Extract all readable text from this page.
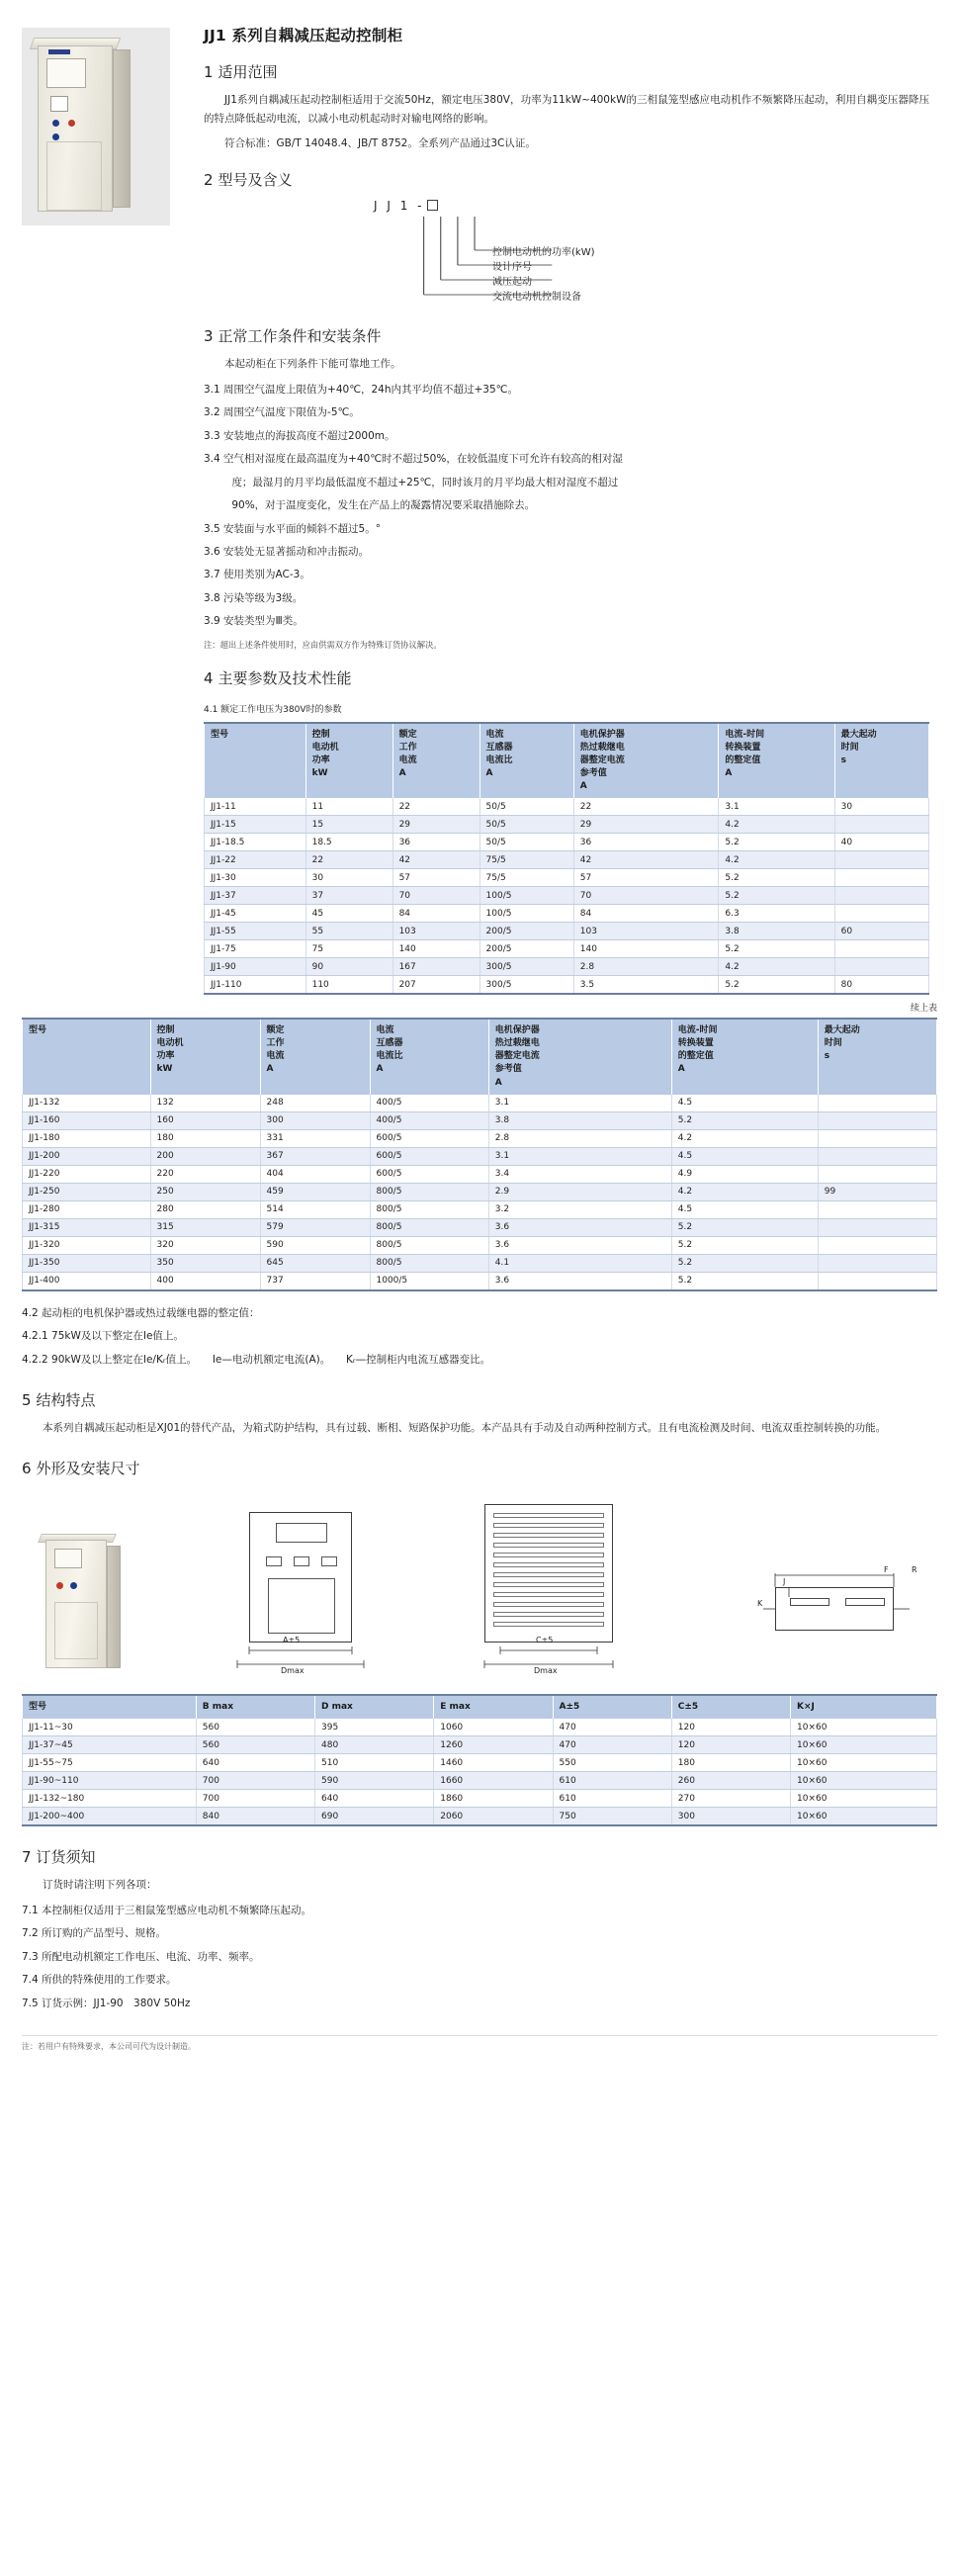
JJ1 系列自耦减压起动控制柜
1 适用范围

JJ1系列自耦减压起动控制柜适用于交流50Hz，额定电压380V，功率为11kW~400kW的三相鼠笼型感应电动机作不频繁降压起动，利用自耦变压器降压的特点降低起动电流，以减小电动机起动时对输电网络的影响。

符合标准：GB/T 14048.4、JB/T 8752。全系列产品通过3C认证。

2 型号及含义
J J 1 -
控制电动机的功率(kW)
设计序号
减压起动
交流电动机控制设备
3 正常工作条件和安装条件

本起动柜在下列条件下能可靠地工作。

3.1 周围空气温度上限值为+40℃，24h内其平均值不超过+35℃。

3.2 周围空气温度下限值为-5℃。

3.3 安装地点的海拔高度不超过2000m。

3.4 空气相对湿度在最高温度为+40℃时不超过50%，在较低温度下可允许有较高的相对湿

度；最湿月的月平均最低温度不超过+25℃，同时该月的月平均最大相对湿度不超过

90%，对于温度变化，发生在产品上的凝露情况要采取措施除去。

3.5 安装面与水平面的倾斜不超过5。°

3.6 安装处无显著摇动和冲击振动。

3.7 使用类别为AC-3。

3.8 污染等级为3级。

3.9 安装类型为Ⅲ类。

注：超出上述条件使用时，应由供需双方作为特殊订货协议解决。

4 主要参数及技术性能
4.1 额定工作电压为380V时的参数
型号	控制
电动机
功率
kW

额定
工作
电流
A

电流
互感器
电流比
A

电机保护器
热过载继电
器整定电流
参考值
A

电流-时间
转换装置
的整定值
A

最大起动
时间
s

JJ1-11	11	22	50/5	22	3.1	30
JJ1-15	15	29	50/5	29	4.2	
JJ1-18.5	18.5	36	50/5	36	5.2	40
JJ1-22	22	42	75/5	42	4.2	
JJ1-30	30	57	75/5	57	5.2	
JJ1-37	37	70	100/5	70	5.2	
JJ1-45	45	84	100/5	84	6.3	
JJ1-55	55	103	200/5	103	3.8	60
JJ1-75	75	140	200/5	140	5.2	
JJ1-90	90	167	300/5	2.8	4.2	
JJ1-110	110	207	300/5	3.5	5.2	80
续上表
型号	控制
电动机
功率
kW

额定
工作
电流
A

电流
互感器
电流比
A

电机保护器
热过载继电
器整定电流
参考值
A

电流-时间
转换装置
的整定值
A

最大起动
时间
s

JJ1-132	132	248	400/5	3.1	4.5	
JJ1-160	160	300	400/5	3.8	5.2	
JJ1-180	180	331	600/5	2.8	4.2	
JJ1-200	200	367	600/5	3.1	4.5	
JJ1-220	220	404	600/5	3.4	4.9	
JJ1-250	250	459	800/5	2.9	4.2	99
JJ1-280	280	514	800/5	3.2	4.5	
JJ1-315	315	579	800/5	3.6	5.2	
JJ1-320	320	590	800/5	3.6	5.2	
JJ1-350	350	645	800/5	4.1	5.2	
JJ1-400	400	737	1000/5	3.6	5.2	

4.2 起动柜的电机保护器或热过载继电器的整定值：

4.2.1 75kW及以下整定在Ie值上。

4.2.2 90kW及以上整定在Ie/Kᵣ值上。　　Ie—电动机额定电流(A)。　　Kᵣ—控制柜内电流互感器变比。

5 结构特点

本系列自耦减压起动柜是XJ01的替代产品，为箱式防护结构，具有过载、断相、短路保护功能。本产品具有手动及自动两种控制方式。且有电流检测及时间、电流双重控制转换的功能。

6 外形及安装尺寸
A±5
Dmax
C±5
Dmax
K
J
F	R
型号	B max	D max	E max	A±5	C±5	K×J
JJ1-11~30	560	395	1060	470	120	10×60
JJ1-37~45	560	480	1260	470	120	10×60
JJ1-55~75	640	510	1460	550	180	10×60
JJ1-90~110	700	590	1660	610	260	10×60
JJ1-132~180	700	640	1860	610	270	10×60
JJ1-200~400	840	690	2060	750	300	10×60
7 订货须知

订货时请注明下列各项：

7.1 本控制柜仅适用于三相鼠笼型感应电动机不频繁降压起动。

7.2 所订购的产品型号、规格。

7.3 所配电动机额定工作电压、电流、功率、频率。

7.4 所供的特殊使用的工作要求。

7.5 订货示例：JJ1-90　380V 50Hz

注：若用户有特殊要求，本公司可代为设计制造。
